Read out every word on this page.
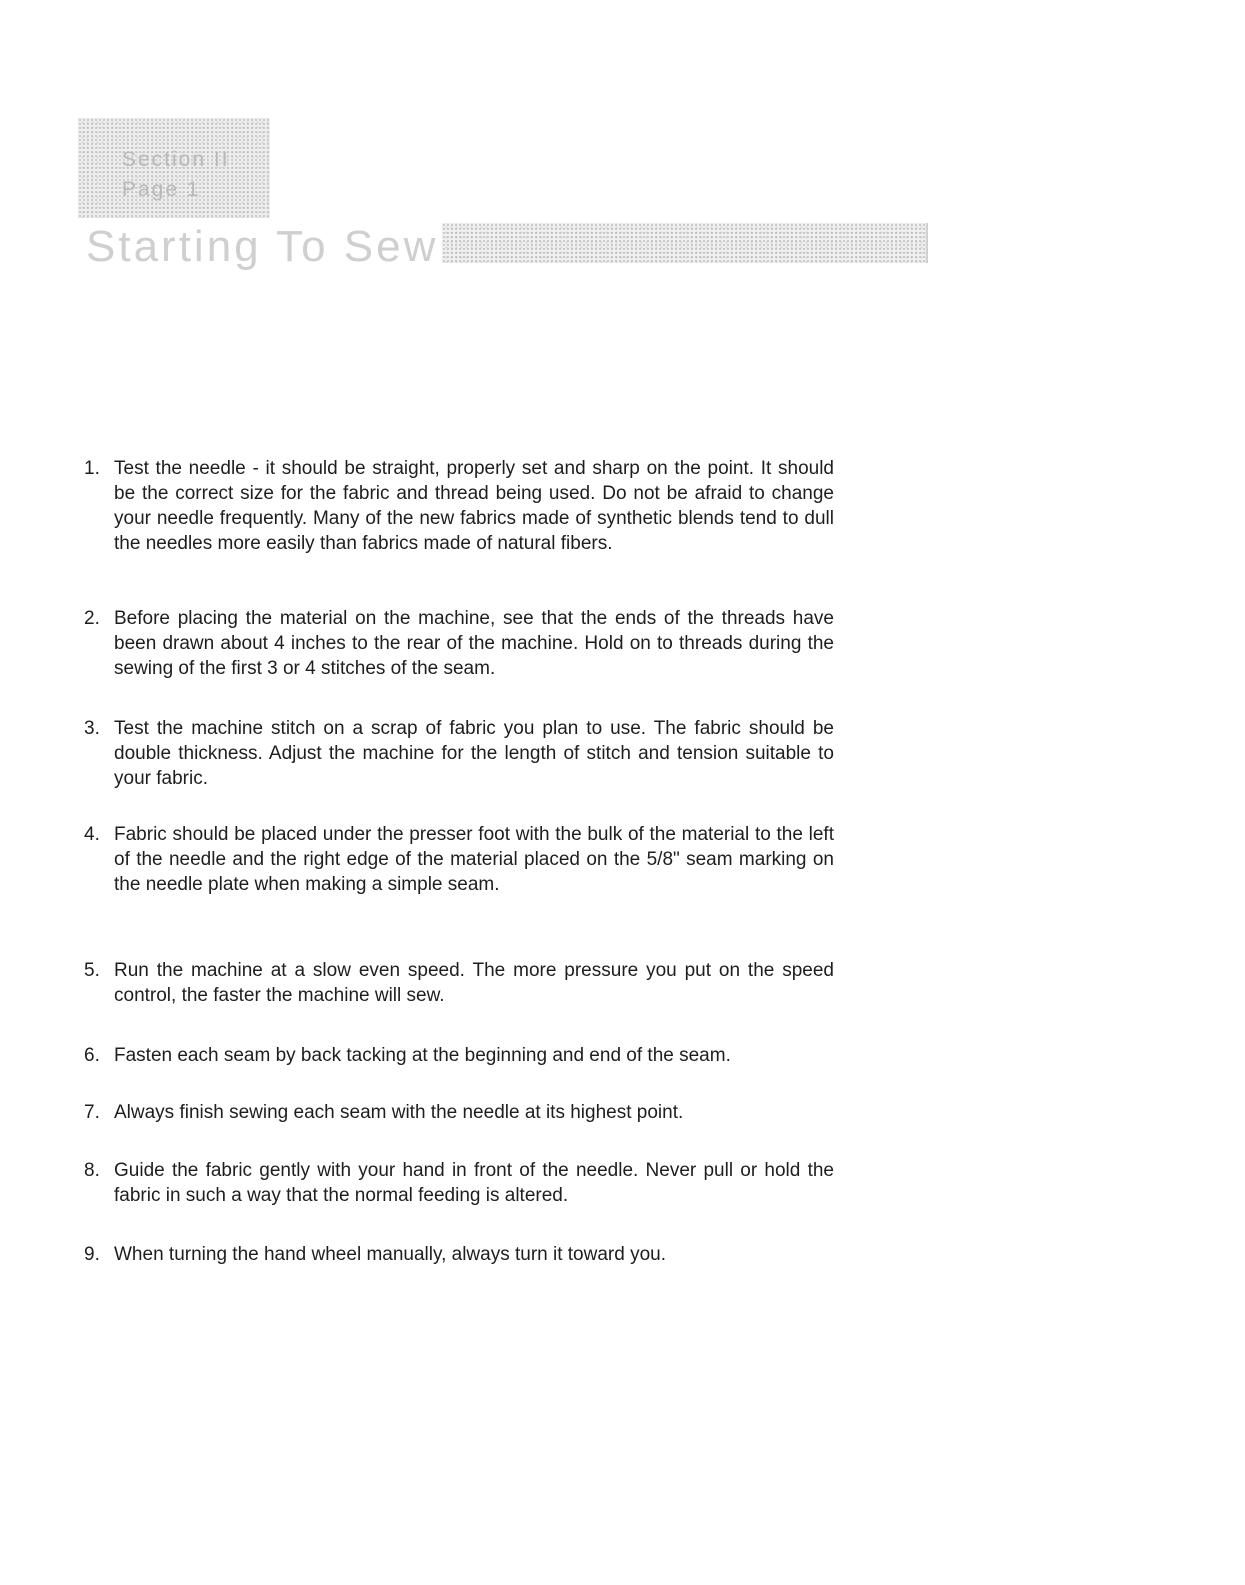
Section II
Page 1
Starting To Sew
1. Test the needle - it should be straight, properly set and sharp on the point. It should be the correct size for the fabric and thread being used. Do not be afraid to change your needle frequently. Many of the new fabrics made of synthetic blends tend to dull the needles more easily than fabrics made of natural fibers.
2. Before placing the material on the machine, see that the ends of the threads have been drawn about 4 inches to the rear of the machine. Hold on to threads during the sewing of the first 3 or 4 stitches of the seam.
3. Test the machine stitch on a scrap of fabric you plan to use. The fabric should be double thickness. Adjust the machine for the length of stitch and tension suitable to your fabric.
4. Fabric should be placed under the presser foot with the bulk of the material to the left of the needle and the right edge of the material placed on the 5/8" seam marking on the needle plate when making a simple seam.
5. Run the machine at a slow even speed. The more pressure you put on the speed control, the faster the machine will sew.
6. Fasten each seam by back tacking at the beginning and end of the seam.
7. Always finish sewing each seam with the needle at its highest point.
8. Guide the fabric gently with your hand in front of the needle. Never pull or hold the fabric in such a way that the normal feeding is altered.
9. When turning the hand wheel manually, always turn it toward you.
